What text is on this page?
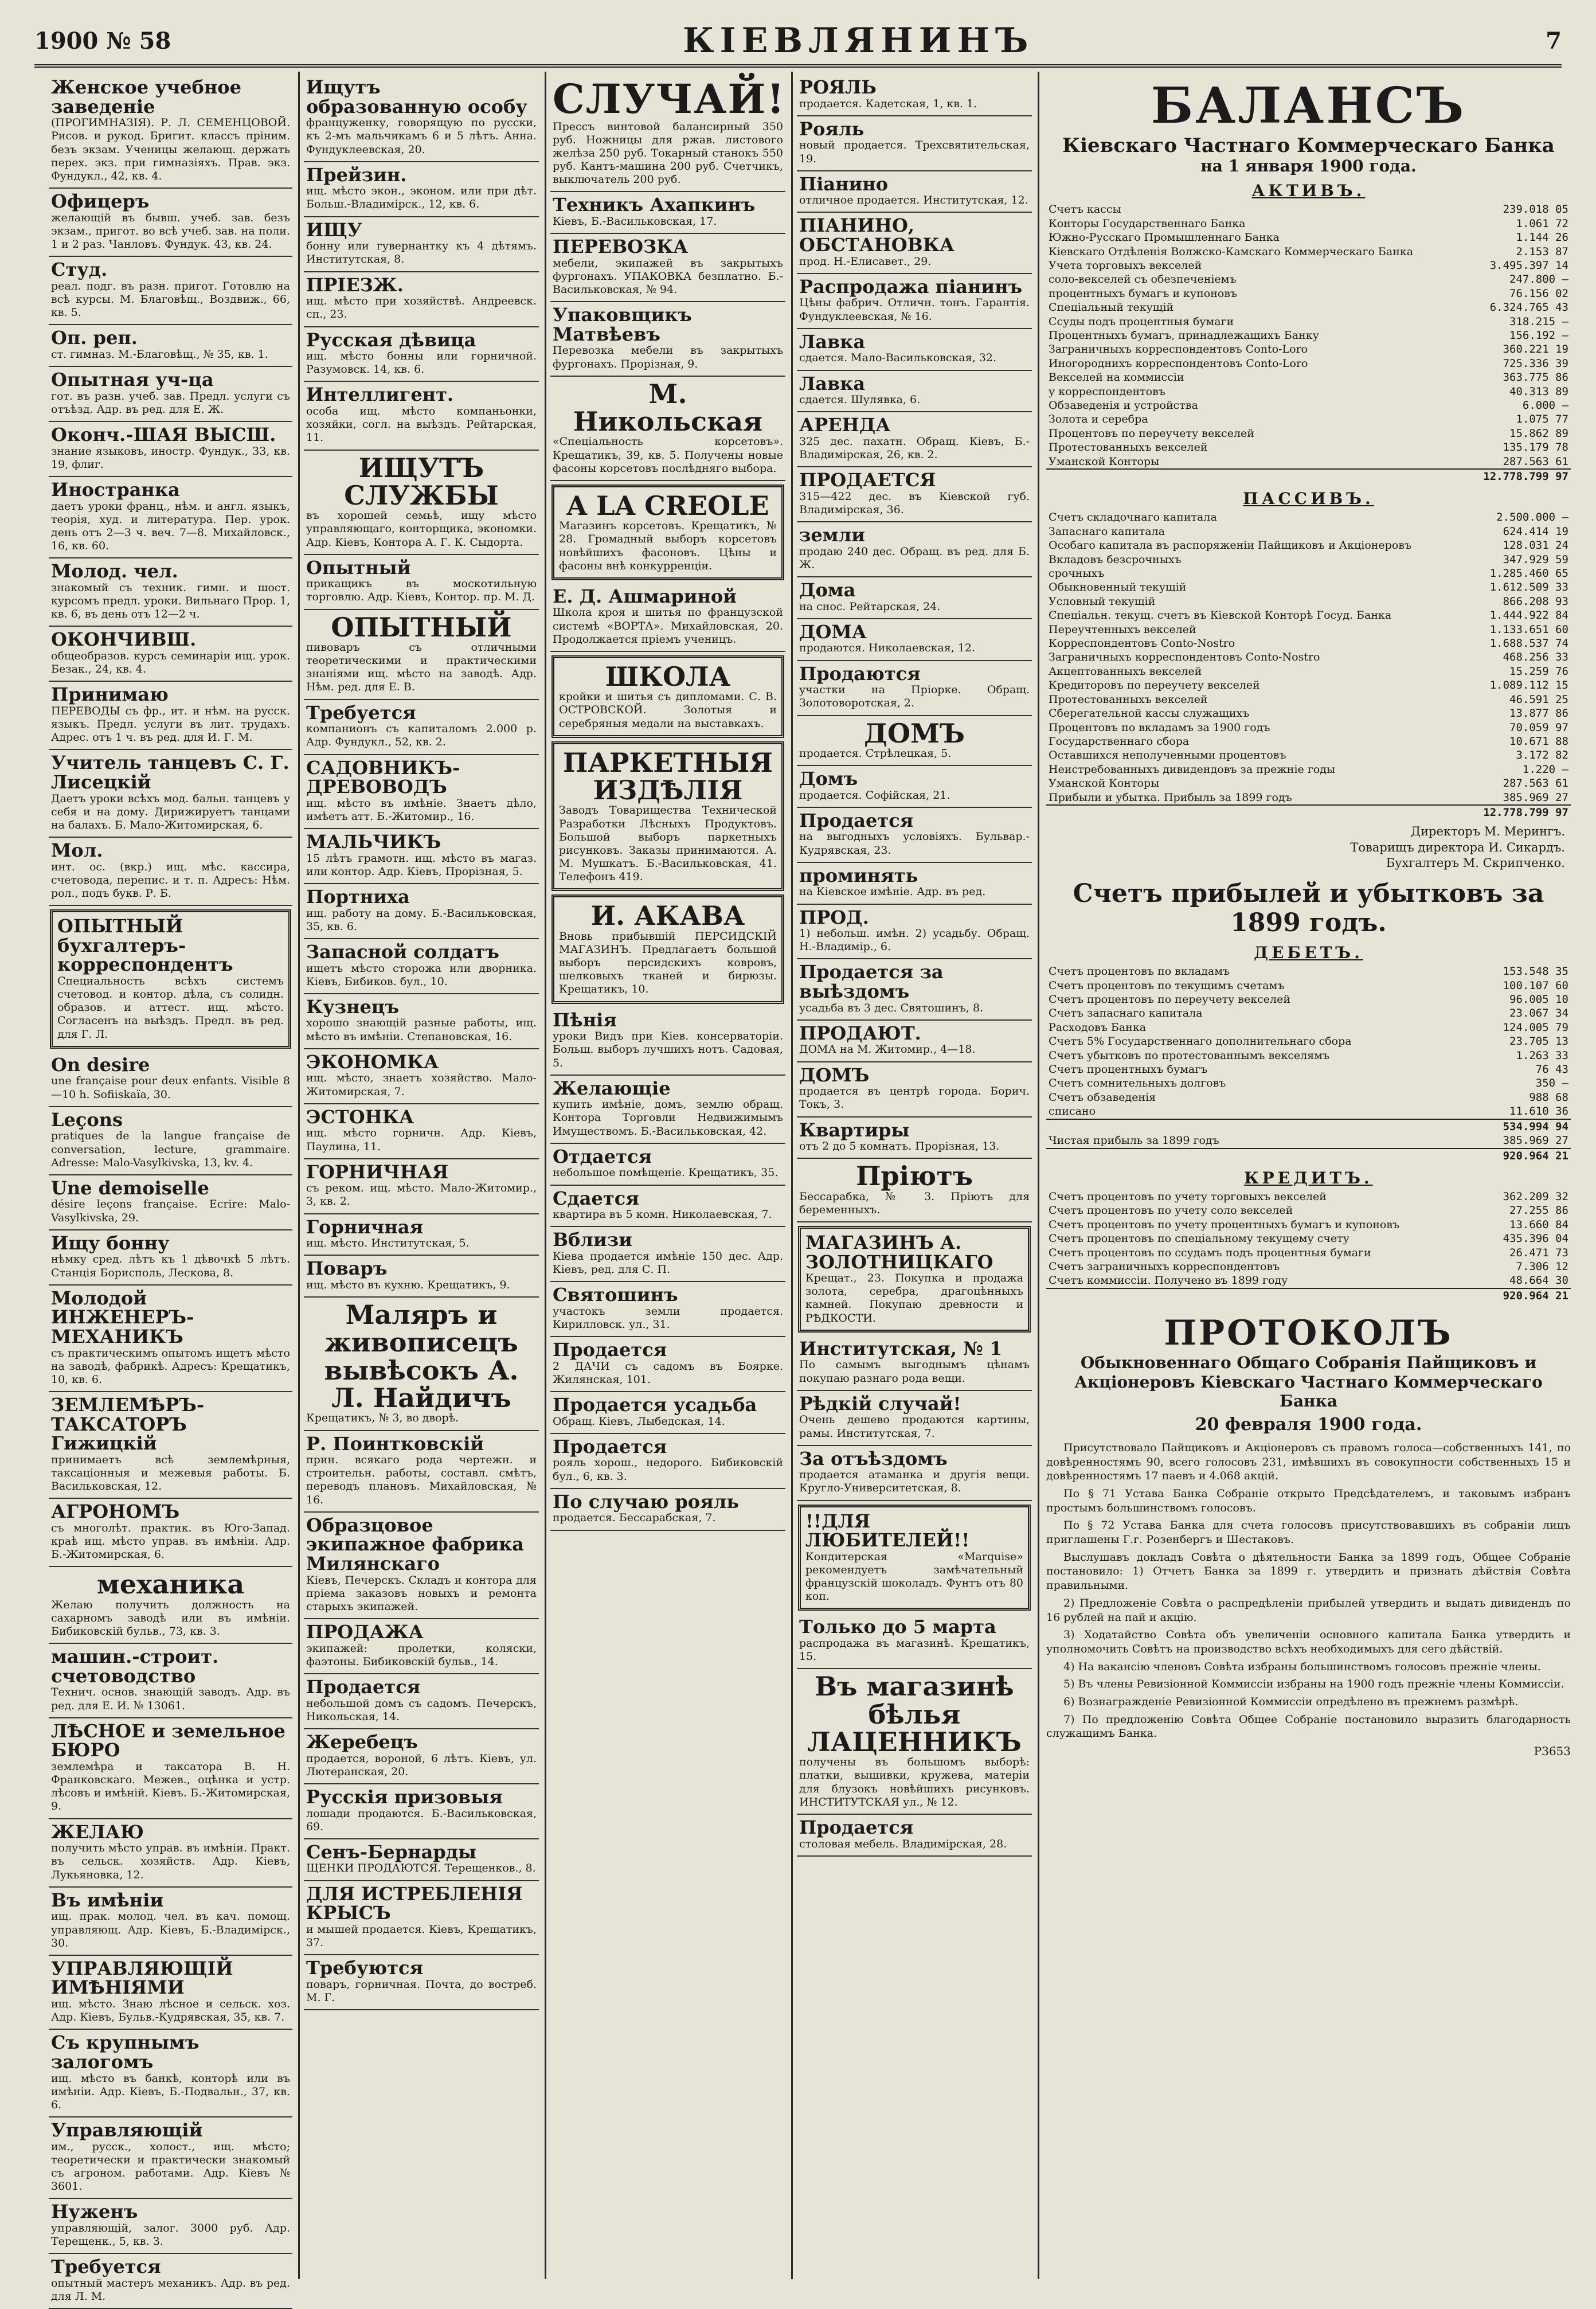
1900 № 58	КІЕВЛЯНИНЪ	7
Женское учебное заведеніе
(ПРОГИМНАЗІЯ). Р. Л. СЕМЕНЦОВОЙ. Рисов. и рукод. Бригит. классъ пріним. безъ экзам. Ученицы желающ. держать перех. экз. при гимназіяхъ. Прав. экз. Фундукл., 42, кв. 4.
Офицеръ
желающій въ бывш. учеб. зав. безъ экзам., пригот. во всѣ учеб. зав. на поли. 1 и 2 раз. Чанловъ. Фундук. 43, кв. 24.
Студ.
реал. подг. въ разн. пригот. Готовлю на всѣ курсы. М. Благовѣщ., Воздвиж., 66, кв. 5.
Оп. реп.
ст. гимназ. М.-Благовѣщ., № 35, кв. 1.
Опытная уч-ца
гот. въ разн. учеб. зав. Предл. услуги съ отъѣзд. Адр. въ ред. для Е. Ж.
Оконч.-ШАЯ ВЫСШ.
знание языковъ, иностр. Фундук., 33, кв. 19, флиг.
Иностранка
даетъ уроки франц., нѣм. и англ. языкъ, теорія, худ. и литература. Пер. урок. день отъ 2—3 ч. веч. 7—8. Михайловск., 16, кв. 60.
Молод. чел.
знакомый съ техник. гимн. и шост. курсомъ предл. уроки. Вильнаго Прор. 1, кв. 6, въ день отъ 12—2 ч.
ОКОНЧИВШ.
общеобразов. курсъ семинаріи ищ. урок. Безак., 24, кв. 4.
Принимаю
ПЕРЕВОДЫ съ фр., ит. и нѣм. на русск. языкъ. Предл. услуги въ лит. трудахъ. Адрес. отъ 1 ч. въ ред. для И. Г. М.
Учитель танцевъ С. Г. Лисецкій
Даетъ уроки всѣхъ мод. бальн. танцевъ у себя и на дому. Дирижируетъ танцами на балахъ. Б. Мало-Житомирская, 6.
Мол.
инт. ос. (вкр.) ищ. мѣс. кассира, счетовода, перепис. и т. п. Адресъ: Нѣм. рол., подъ букв. Р. Б.
ОПЫТНЫЙ бухгалтеръ-корреспондентъ
Специальность всѣхъ системъ счетовод. и контор. дѣла, съ солидн. образов. и аттест. ищ. мѣсто. Согласенъ на выѣздъ. Предл. въ ред. для Г. Л.
On desire
une française pour deux enfants. Visible 8—10 h. Sofiiskaïa, 30.
Leçons
pratiques de la langue française de conversation, lecture, grammaire. Adresse: Malo-Vasylkivska, 13, kv. 4.
Une demoiselle
désire leçons française. Ecrire: Malo-Vasylkivska, 29.
Ищу бонну
нѣмку сред. лѣтъ къ 1 дѣвочкѣ 5 лѣтъ. Станція Борисполь, Лескова, 8.
Молодой ИНЖЕНЕРЪ-МЕХАНИКЪ
съ практическимъ опытомъ ищетъ мѣсто на заводѣ, фабрикѣ. Адресъ: Крещатикъ, 10, кв. 6.
ЗЕМЛЕМѢРЪ-ТАКСАТОРЪ Гижицкій
принимаетъ всѣ землемѣрныя, таксаціонныя и межевыя работы. Б. Васильковская, 12.
АГРОНОМЪ
съ многолѣт. практик. въ Юго-Запад. краѣ ищ. мѣсто управ. въ имѣніи. Адр. Б.-Житомирская, 6.
механика
Желаю получить должность на сахарномъ заводѣ или въ имѣніи. Бибиковскій бульв., 73, кв. 3.
машин.-строит. счетоводство
Технич. основ. знающій заводъ. Адр. въ ред. для Е. И. № 13061.
ЛѢСНОЕ и земельное БЮРО
землемѣра и таксатора В. Н. Франковскаго. Межев., оцѣнка и устр. лѣсовъ и имѣній. Кіевъ. Б.-Житомирская, 9.
ЖЕЛАЮ
получить мѣсто управ. въ имѣніи. Практ. въ сельск. хозяйств. Адр. Кіевъ, Лукьяновка, 12.
Въ имѣніи
ищ. прак. молод. чел. въ кач. помощ. управляющ. Адр. Кіевъ, Б.-Владимірск., 30.
УПРАВЛЯЮЩІЙ ИМѢНІЯМИ
ищ. мѣсто. Знаю лѣсное и сельск. хоз. Адр. Кіевъ, Бульв.-Кудрявская, 35, кв. 7.
Съ крупнымъ залогомъ
ищ. мѣсто въ банкѣ, конторѣ или въ имѣніи. Адр. Кіевъ, Б.-Подвальн., 37, кв. 6.
Управляющій
им., русск., холост., ищ. мѣсто; теоретически и практически знакомый съ агроном. работами. Адр. Кіевъ № 3601.
Нуженъ
управляющій, залог. 3000 руб. Адр. Терещенк., 5, кв. 3.
Требуется
опытный мастеръ механикъ. Адр. въ ред. для Л. М.
Ищутъ образованную особу
француженку, говорящую по русски, къ 2-мъ мальчикамъ 6 и 5 лѣтъ. Анна. Фундуклеевская, 20.
Прейзин.
ищ. мѣсто экон., эконом. или при дѣт. Больш.-Владимірск., 12, кв. 6.
ИЩУ
бонну или гувернантку къ 4 дѣтямъ. Институтская, 8.
ПРІЕЗЖ.
ищ. мѣсто при хозяйствѣ. Андреевск. сп., 23.
Русская дѣвица
ищ. мѣсто бонны или горничной. Разумовск. 14, кв. 6.
Интеллигент.
особа ищ. мѣсто компаньонки, хозяйки, согл. на выѣздъ. Рейтарская, 11.
ИЩУТЪ СЛУЖБЫ
въ хорошей семьѣ, ищу мѣсто управляющаго, конторщика, экономки. Адр. Кіевъ, Контора А. Г. К. Сыдорта.
Опытный
прикащикъ въ москотильную торговлю. Адр. Кіевъ, Контор. пр. М. Д.
ОПЫТНЫЙ
пивоваръ съ отличными теоретическими и практическими знаніями ищ. мѣсто на заводѣ. Адр. Нѣм. ред. для Е. В.
Требуется
компанионъ съ капиталомъ 2.000 р. Адр. Фундукл., 52, кв. 2.
САДОВНИКЪ-ДРЕВОВОДЪ
ищ. мѣсто въ имѣніе. Знаетъ дѣло, имѣетъ атт. Б.-Житомир., 16.
МАЛЬЧИКЪ
15 лѣтъ грамотн. ищ. мѣсто въ магаз. или контор. Адр. Кіевъ, Прорізная, 5.
Портниха
ищ. работу на дому. Б.-Васильковская, 35, кв. 6.
Запасной солдатъ
ищетъ мѣсто сторожа или дворника. Кіевъ, Бибиков. бул., 10.
Кузнецъ
хорошо знающій разные работы, ищ. мѣсто въ имѣніи. Степановская, 16.
ЭКОНОМКА
ищ. мѣсто, знаетъ хозяйство. Мало-Житомирская, 7.
ЭСТОНКА
ищ. мѣсто горничн. Адр. Кіевъ, Паулина, 11.
ГОРНИЧНАЯ
съ реком. ищ. мѣсто. Мало-Житомир., 3, кв. 2.
Горничная
ищ. мѣсто. Институтская, 5.
Поваръ
ищ. мѣсто въ кухню. Крещатикъ, 9.
Маляръ и живописецъ вывѣсокъ А. Л. Найдичъ
Крещатикъ, № 3, во дворѣ.
Р. Поинтковскій
прин. всякаго рода чертежн. и строительн. работы, составл. смѣтъ, переводъ плановъ. Михайловская, № 16.
Образцовое экипажное фабрика Милянскаго
Кіевъ, Печерскъ. Складъ и контора для пріема заказовъ новыхъ и ремонта старыхъ экипажей.
ПРОДАЖА
экипажей: пролетки, коляски, фаэтоны. Бибиковскій бульв., 14.
Продается
небольшой домъ съ садомъ. Печерскъ, Никольская, 14.
Жеребецъ
продается, вороной, 6 лѣтъ. Кіевъ, ул. Лютеранская, 20.
Русскія призовыя
лошади продаются. Б.-Васильковская, 69.
Сенъ-Бернарды
ЩЕНКИ ПРОДАЮТСЯ. Терещенков., 8.
ДЛЯ ИСТРЕБЛЕНІЯ КРЫСЪ
и мышей продается. Кіевъ, Крещатикъ, 37.
Требуются
поваръ, горничная. Почта, до востреб. М. Г.
СЛУЧАЙ!
Прессъ винтовой балансирный 350 руб. Ножницы для ржав. листового желѣза 250 руб. Токарный станокъ 550 руб. Кантъ-машина 200 руб. Счетчикъ, выключатель 200 руб.
Техникъ Ахапкинъ
Кіевъ, Б.-Васильковская, 17.
ПЕРЕВОЗКА
мебели, экипажей въ закрытыхъ фургонахъ. УПАКОВКА безплатно. Б.-Васильковская, № 94.
Упаковщикъ Матвѣевъ
Перевозка мебели въ закрытыхъ фургонахъ. Прорізная, 9.
М. Никольская
«Спеціальность корсетовъ». Крещатикъ, 39, кв. 5. Получены новые фасоны корсетовъ послѣдняго выбора.
A LA CREOLE
Магазинъ корсетовъ. Крещатикъ, № 28. Громадный выборъ корсетовъ новѣйшихъ фасоновъ. Цѣны и фасоны внѣ конкурренціи.
Е. Д. Ашмариной
Школа кроя и шитья по французской системѣ «ВОРТА». Михайловская, 20. Продолжается пріемъ ученицъ.
ШКОЛА
кройки и шитья съ дипломами. С. В. ОСТРОВСКОЙ. Золотыя и серебряныя медали на выставкахъ.
ПАРКЕТНЫЯ ИЗДѢЛІЯ
Заводъ Товарищества Технической Разработки Лѣсныхъ Продуктовъ. Большой выборъ паркетныхъ рисунковъ. Заказы принимаются. А. М. Мушкатъ. Б.-Васильковская, 41. Телефонъ 419.
И. АКАВА
Вновь прибывшій ПЕРСИДСКІЙ МАГАЗИНЪ. Предлагаетъ большой выборъ персидскихъ ковровъ, шелковыхъ тканей и бирюзы. Крещатикъ, 10.
Пѣнія
уроки Видъ при Кіев. консерваторіи. Больш. выборъ лучшихъ нотъ. Садовая, 5.
Желающіе
купить имѣніе, домъ, землю обращ. Контора Торговли Недвижимымъ Имуществомъ. Б.-Васильковская, 42.
Отдается
небольшое помѣщеніе. Крещатикъ, 35.
Сдается
квартира въ 5 комн. Николаевская, 7.
Вблизи
Кіева продается имѣніе 150 дес. Адр. Кіевъ, ред. для С. П.
Святошинъ
участокъ земли продается. Кирилловск. ул., 31.
Продается
2 ДАЧИ съ садомъ въ Боярке. Жилянская, 101.
Продается усадьба
Обращ. Кіевъ, Лыбедская, 14.
Продается
рояль хорош., недорого. Бибиковскій бул., 6, кв. 3.
По случаю рояль
продается. Бессарабская, 7.
РОЯЛЬ
продается. Кадетская, 1, кв. 1.
Рояль
новый продается. Трехсвятительская, 19.
Піанино
отличное продается. Институтская, 12.
ПІАНИНО, ОБСТАНОВКА
прод. Н.-Елисавет., 29.
Распродажа піанинъ
Цѣны фабрич. Отличн. тонъ. Гарантія. Фундуклеевская, № 16.
Лавка
сдается. Мало-Васильковская, 32.
Лавка
сдается. Шулявка, 6.
АРЕНДА
325 дес. пахатн. Обращ. Кіевъ, Б.-Владимірская, 26, кв. 2.
ПРОДАЕТСЯ
315—422 дес. въ Кіевской губ. Владимірская, 36.
земли
продаю 240 дес. Обращ. въ ред. для Б. Ж.
Дома
на снос. Рейтарская, 24.
ДОМА
продаются. Николаевская, 12.
Продаются
участки на Пріорке. Обращ. Золотоворотская, 2.
ДОМЪ
продается. Стрѣлецкая, 5.
Домъ
продается. Софійская, 21.
Продается
на выгодныхъ условіяхъ. Бульвар.-Кудрявская, 23.
проминять
на Кіевское имѣніе. Адр. въ ред.
ПРОД.
1) небольш. имѣн. 2) усадьбу. Обращ. Н.-Владимір., 6.
Продается за выѣздомъ
усадьба въ 3 дес. Святошинъ, 8.
ПРОДАЮТ.
ДОМА на М. Житомир., 4—18.
ДОМЪ
продается въ центрѣ города. Борич. Токъ, 3.
Квартиры
отъ 2 до 5 комнатъ. Прорізная, 13.
Пріютъ
Бессарабка, № 3. Пріютъ для беременныхъ.
МАГАЗИНЪ А. ЗОЛОТНИЦКАГО
Крещат., 23. Покупка и продажа золота, серебра, драгоцѣнныхъ камней. Покупаю древности и РѢДКОСТИ.
Институтская, № 1
По самымъ выгоднымъ цѣнамъ покупаю разнаго рода вещи.
Рѣдкій случай!
Очень дешево продаются картины, рамы. Институтская, 7.
За отъѣздомъ
продается атаманка и другія вещи. Кругло-Университетская, 8.
!!ДЛЯ ЛЮБИТЕЛЕЙ!!
Кондитерская «Marquise» рекомендуетъ замѣчательный французскій шоколадъ. Фунтъ отъ 80 коп.
Только до 5 марта
распродажа въ магазинѣ. Крещатикъ, 15.
Въ магазинѣ бѣлья ЛАЦЕННИКЪ
получены въ большомъ выборѣ: платки, вышивки, кружева, матеріи для блузокъ новѣйшихъ рисунковъ. ИНСТИТУТСКАЯ ул., № 12.
Продается
столовая мебель. Владимірская, 28.
БАЛАНСЪ
Кіевскаго Частнаго Коммерческаго Банка
на 1 января 1900 года.
АКТИВЪ.
Счетъ кассы	239.018 05
Конторы Государственнаго Банка	1.061 72
Южно-Русскаго Промышленнаго Банка	1.144 26
Кіевскаго Отдѣленія Волжско-Камскаго Коммерческаго Банка	2.153 87
Учета торговыхъ векселей	3.495.397 14
соло-векселей съ обезпеченіемъ	247.800 —
процентныхъ бумагъ и купоновъ	76.156 02
Спеціальный текущій	6.324.765 43
Ссуды подъ процентныя бумаги	318.215 —
Процентныхъ бумагъ, принадлежащихъ Банку	156.192 —
Заграничныхъ корреспондентовъ Conto-Loro	360.221 19
Иногороднихъ корреспондентовъ Conto-Loro	725.336 39
Векселей на коммиссіи	363.775 86
у корреспондентовъ	40.313 89
Обзаведенія и устройства	6.000 —
Золота и серебра	1.075 77
Процентовъ по переучету векселей	15.862 89
Протестованныхъ векселей	135.179 78
Уманской Конторы	287.563 61
	12.778.799 97
ПАССИВЪ.
Счетъ складочнаго капитала	2.500.000 —
Запаснаго капитала	624.414 19
Особаго капитала въ распоряженіи Пайщиковъ и Акціонеровъ	128.031 24
Вкладовъ безсрочныхъ	347.929 59
срочныхъ	1.285.460 65
Обыкновенный текущій	1.612.509 33
Условный текущій	866.208 93
Спеціальн. текущ. счетъ въ Кіевской Конторѣ Госуд. Банка	1.444.922 84
Переучтенныхъ векселей	1.133.651 60
Корреспондентовъ Conto-Nostro	1.688.537 74
Заграничныхъ корреспондентовъ Conto-Nostro	468.256 33
Акцептованныхъ векселей	15.259 76
Кредиторовъ по переучету векселей	1.089.112 15
Протестованныхъ векселей	46.591 25
Сберегательной кассы служащихъ	13.877 86
Процентовъ по вкладамъ за 1900 годъ	70.059 97
Государственнаго сбора	10.671 88
Оставшихся неполученными процентовъ	3.172 82
Неистребованныхъ дивидендовъ за прежніе годы	1.220 —
Уманской Конторы	287.563 61
Прибыли и убытка. Прибыль за 1899 годъ	385.969 27
	12.778.799 97
Директоръ М. Мерингъ.
Товарищъ директора И. Сикардъ.
Бухгалтеръ М. Скрипченко.
Счетъ прибылей и убытковъ за 1899 годъ.
ДЕБЕТЪ.
Счетъ процентовъ по вкладамъ	153.548 35
Счетъ процентовъ по текущимъ счетамъ	100.107 60
Счетъ процентовъ по переучету векселей	96.005 10
Счетъ запаснаго капитала	23.067 34
Расходовъ Банка	124.005 79
Счетъ 5% Государственнаго дополнительнаго сбора	23.705 13
Счетъ убытковъ по протестованнымъ векселямъ	1.263 33
Счетъ процентныхъ бумагъ	76 43
Счетъ сомнительныхъ долговъ	350 —
Счетъ обзаведенія	988 68
списано	11.610 36
	534.994 94
Чистая прибыль за 1899 годъ	385.969 27
	920.964 21
КРЕДИТЪ.
Счетъ процентовъ по учету торговыхъ векселей	362.209 32
Счетъ процентовъ по учету соло векселей	27.255 86
Счетъ процентовъ по учету процентныхъ бумагъ и купоновъ	13.660 84
Счетъ процентовъ по спеціальному текущему счету	435.396 04
Счетъ процентовъ по ссудамъ подъ процентныя бумаги	26.471 73
Счетъ заграничныхъ корреспондентовъ	7.306 12
Счетъ коммиссіи. Получено въ 1899 году	48.664 30
	920.964 21
ПРОТОКОЛЪ
Обыкновеннаго Общаго Собранія Пайщиковъ и Акціонеровъ Кіевскаго Частнаго Коммерческаго Банка
20 февраля 1900 года.

Присутствовало Пайщиковъ и Акціонеровъ съ правомъ голоса—собственныхъ 141, по довѣренностямъ 90, всего голосовъ 231, имѣвшихъ въ совокупности собственныхъ 15 и довѣренностямъ 17 паевъ и 4.068 акцій.

По § 71 Устава Банка Собраніе открыто Предсѣдателемъ, и таковымъ избранъ простымъ большинствомъ голосовъ.

По § 72 Устава Банка для счета голосовъ присутствовавшихъ въ собраніи лицъ приглашены Г.г. Розенбергъ и Шестаковъ.

Выслушавъ докладъ Совѣта о дѣятельности Банка за 1899 годъ, Общее Собраніе постановило: 1) Отчетъ Банка за 1899 г. утвердить и признать дѣйствія Совѣта правильными.

2) Предложеніе Совѣта о распредѣленіи прибылей утвердить и выдать дивидендъ по 16 рублей на пай и акцію.

3) Ходатайство Совѣта объ увеличеніи основного капитала Банка утвердить и уполномочить Совѣтъ на производство всѣхъ необходимыхъ для сего дѣйствій.

4) На вакансію членовъ Совѣта избраны большинствомъ голосовъ прежніе члены.

5) Въ члены Ревизіонной Коммиссіи избраны на 1900 годъ прежніе члены Коммиссіи.

6) Вознагражденіе Ревизіонной Коммиссіи опредѣлено въ прежнемъ размѣрѣ.

7) По предложенію Совѣта Общее Собраніе постановило выразить благодарность служащимъ Банка.

Р3653
